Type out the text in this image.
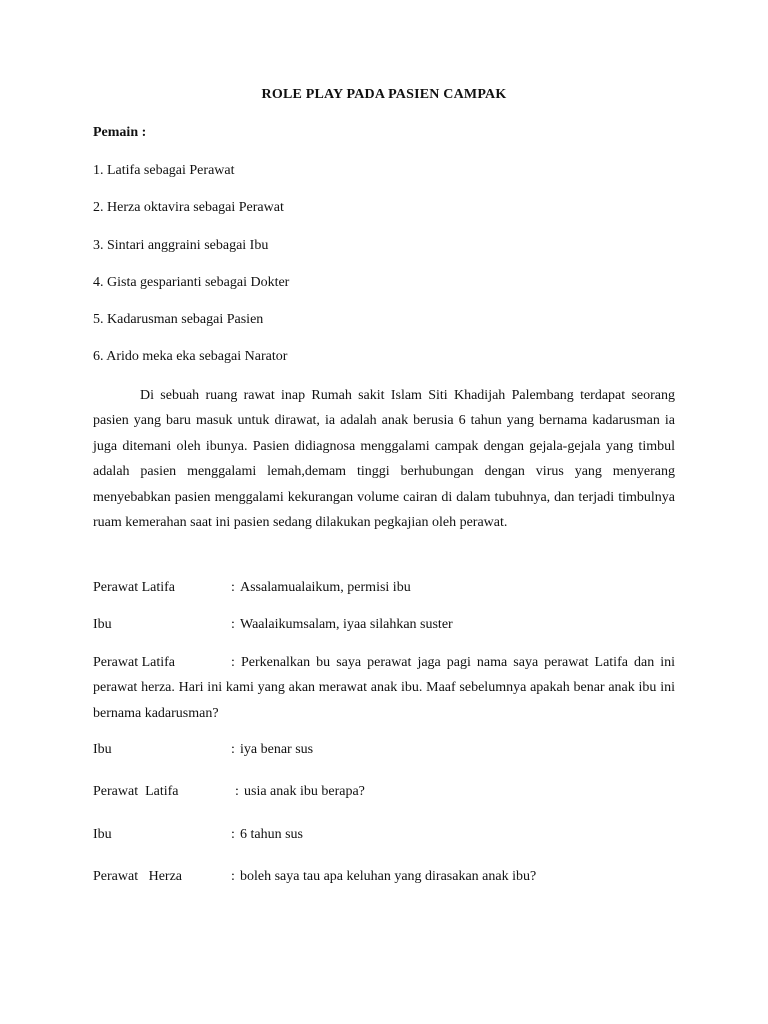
ROLE PLAY PADA PASIEN CAMPAK
Pemain :
1. Latifa sebagai Perawat
2. Herza oktavira sebagai Perawat
3. Sintari anggraini sebagai Ibu
4. Gista gesparianti sebagai Dokter
5. Kadarusman sebagai Pasien
6. Arido meka eka sebagai Narator

Di sebuah ruang rawat inap Rumah sakit Islam Siti Khadijah Palembang terdapat seorang pasien yang baru masuk untuk dirawat, ia adalah anak berusia 6 tahun yang bernama kadarusman ia juga ditemani oleh ibunya. Pasien didiagnosa menggalami campak dengan gejala-gejala yang timbul adalah pasien menggalami lemah,demam tinggi berhubungan dengan virus yang menyerang menyebabkan pasien menggalami kekurangan volume cairan di dalam tubuhnya, dan terjadi timbulnya ruam kemerahan saat ini pasien sedang dilakukan pegkajian oleh perawat.

Perawat Latifa	: Assalamualaikum, permisi ibu
Ibu	: Waalaikumsalam, iyaa silahkan suster

Perawat Latifa	: Perkenalkan bu saya perawat jaga pagi nama saya perawat Latifa dan ini perawat herza. Hari ini kami yang akan merawat anak ibu. Maaf sebelumnya apakah benar anak ibu ini bernama kadarusman?

Ibu	: iya benar sus
Perawat  Latifa	: usia anak ibu berapa?
Ibu	: 6 tahun sus
Perawat   Herza	: boleh saya tau apa keluhan yang dirasakan anak ibu?
